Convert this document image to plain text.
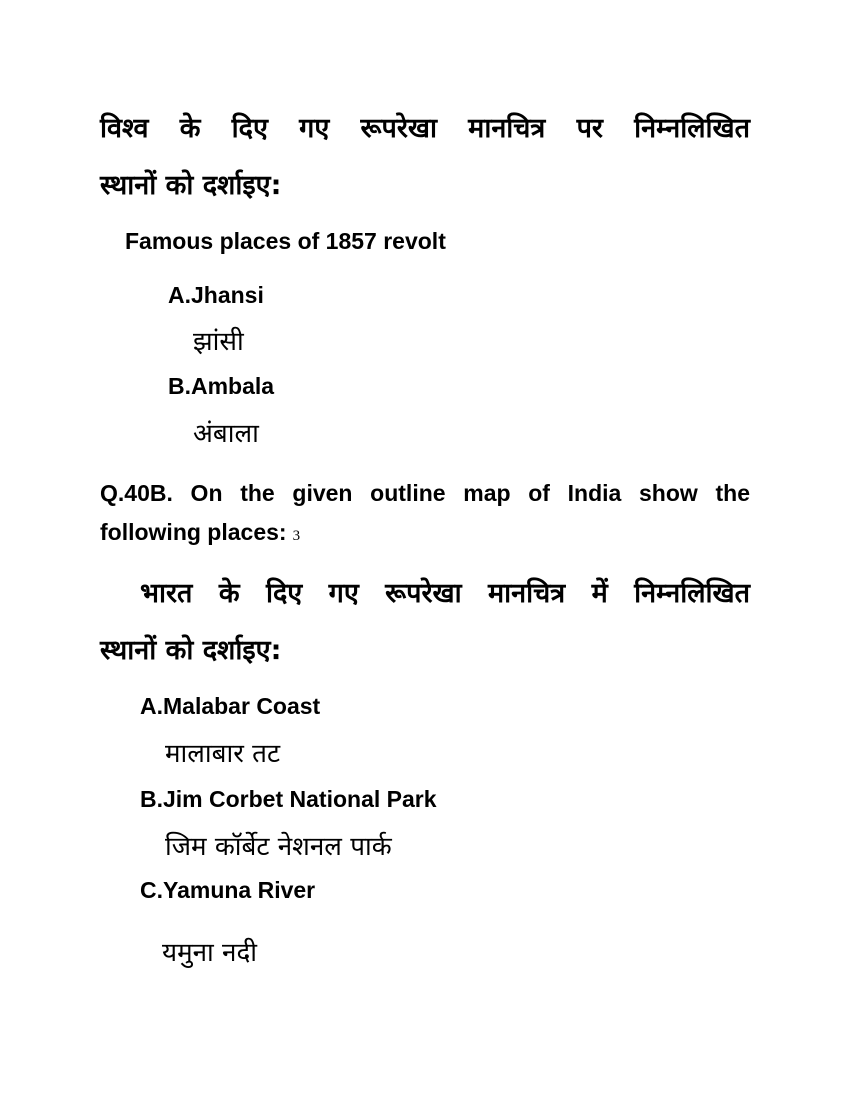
विश्व के दिए गए रूपरेखा मानचित्र पर निम्नलिखित
स्थानों को दर्शाइए:
Famous places of 1857 revolt
A.Jhansi
झांसी
B.Ambala
अंबाला
Q.40B. On the given outline map of India show the
following places: 3
भारत के दिए गए रूपरेखा मानचित्र में निम्नलिखित
स्थानों को दर्शाइए:
A.Malabar Coast
मालाबार तट
B.Jim Corbet National Park
जिम कॉर्बेट नेशनल पार्क
C.Yamuna River
यमुना नदी
